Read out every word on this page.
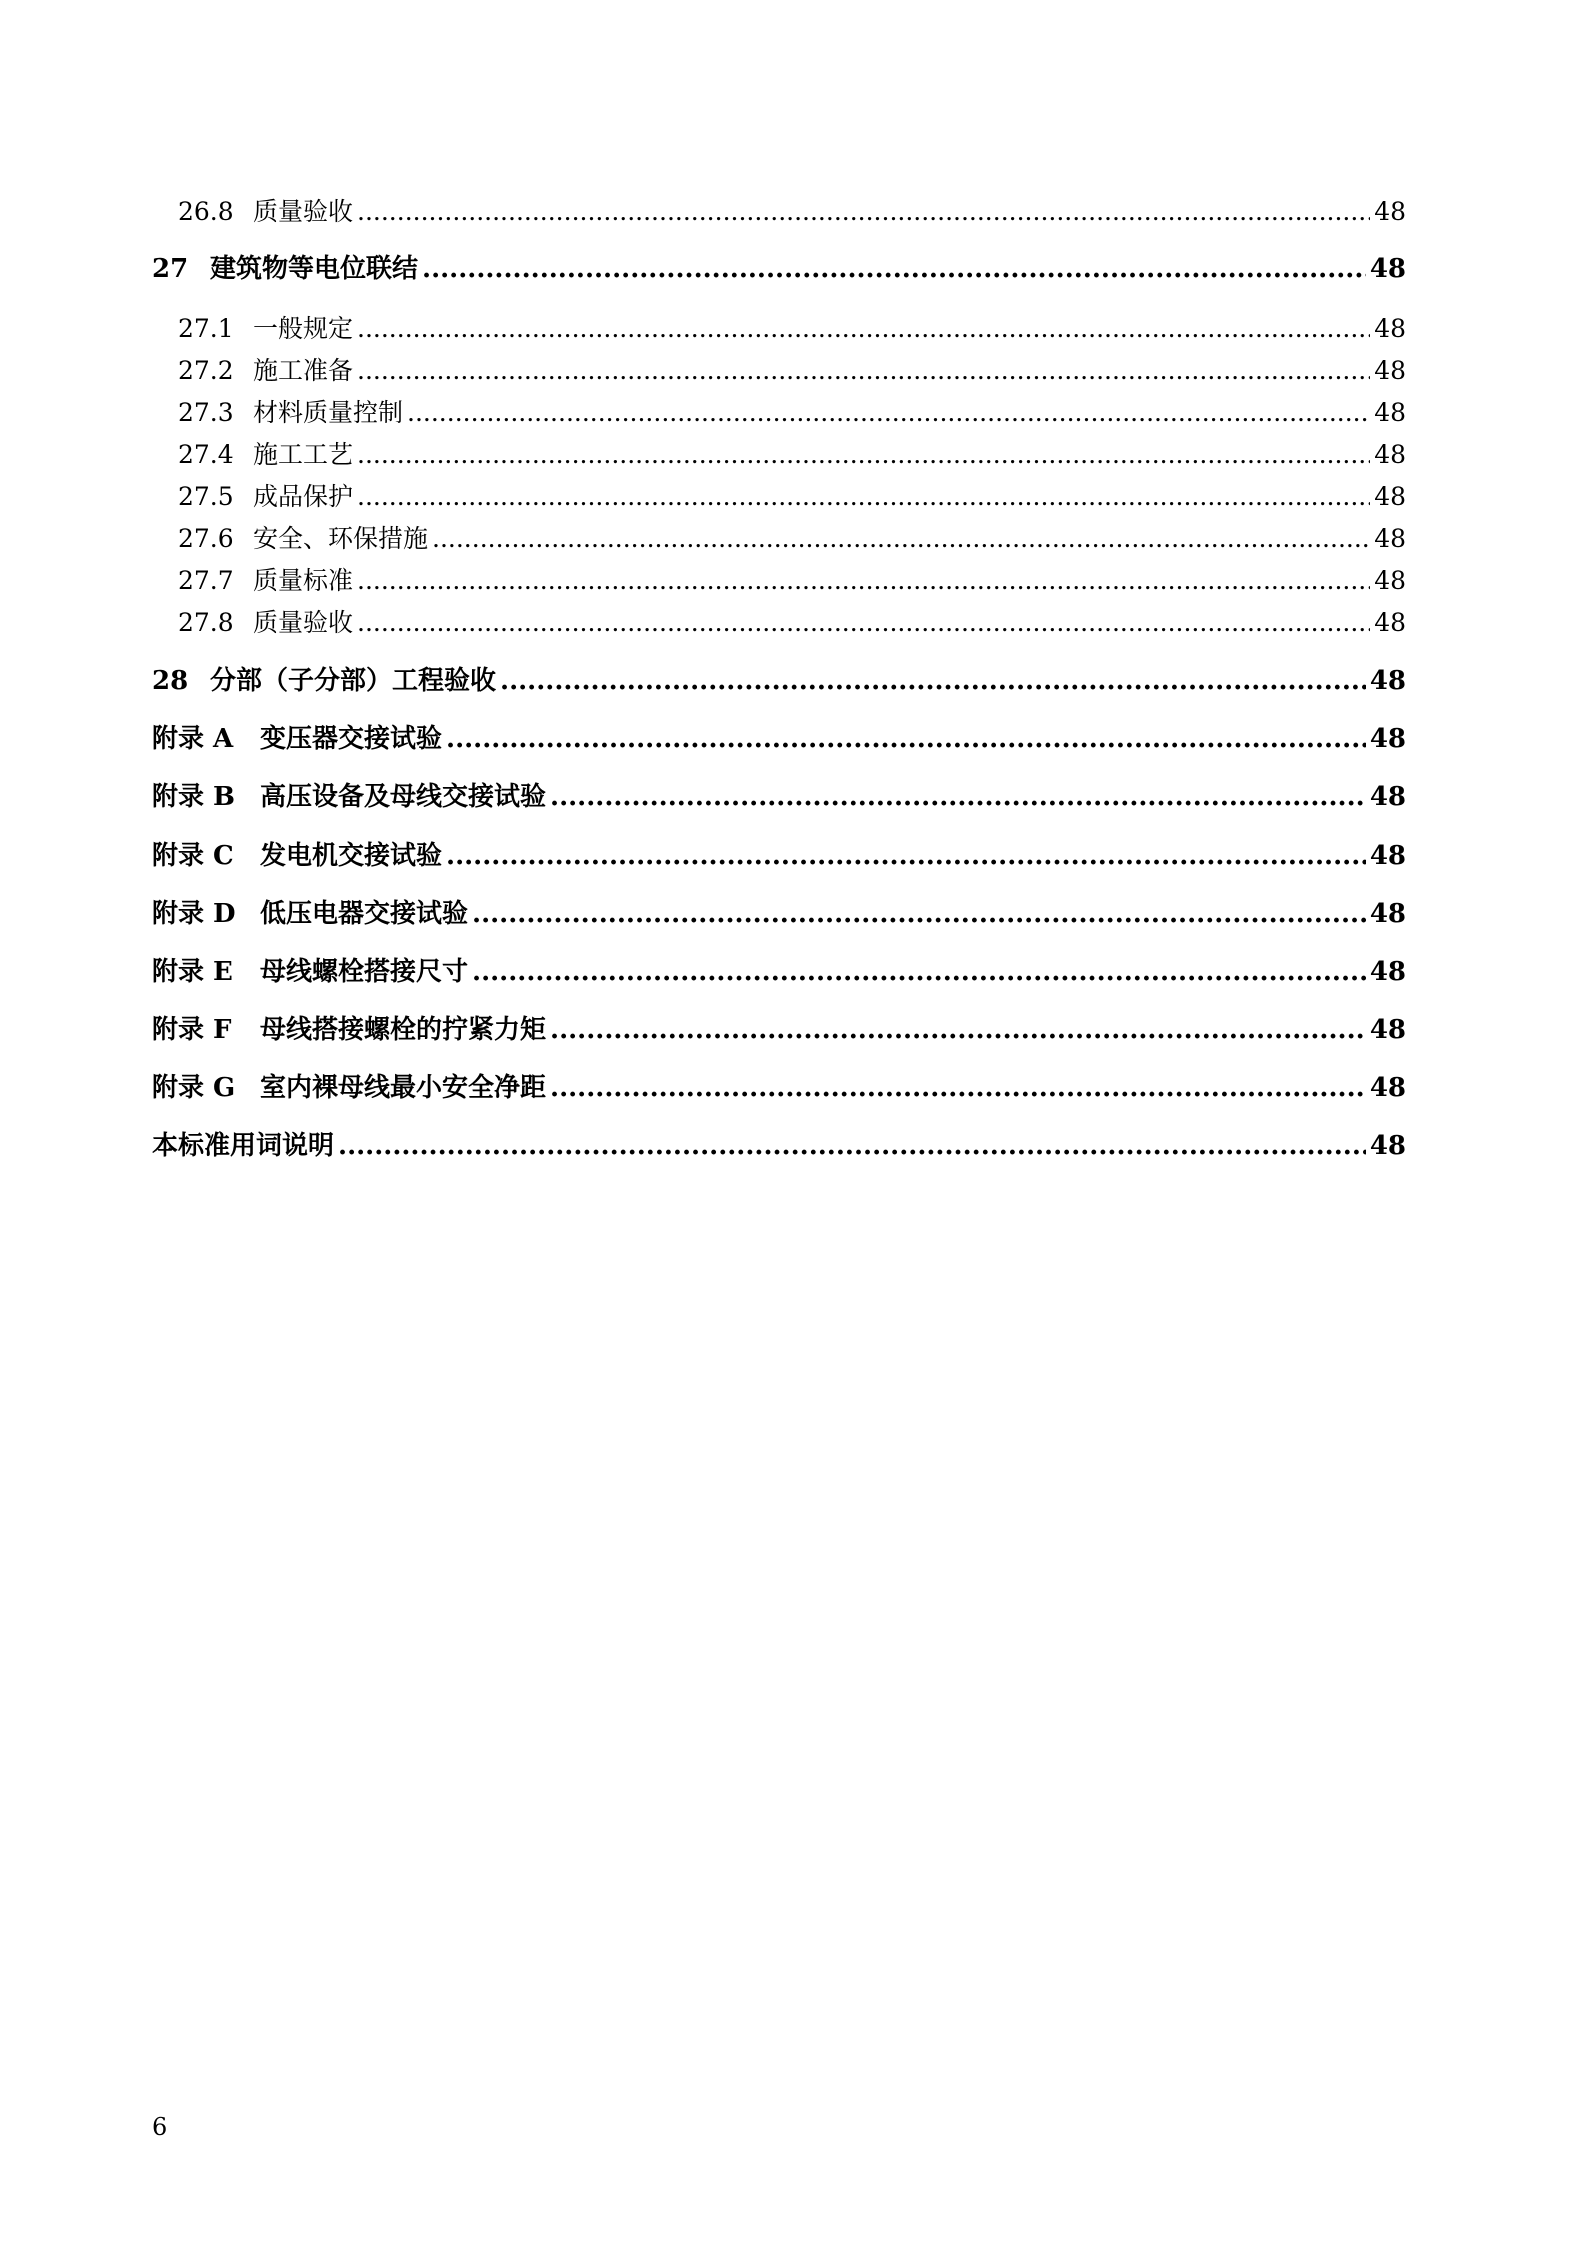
26.8 质量验收 .....	48
27 建筑物等电位联结 .....	48
27.1 一般规定 .....	48
27.2 施工准备 .....	48
27.3 材料质量控制 .....	48
27.4 施工工艺 .....	48
27.5 成品保护 .....	48
27.6 安全、环保措施 .....	48
27.7 质量标准 .....	48
27.8 质量验收 .....	48
28 分部（子分部）工程验收 .....	48
附录 A	变压器交接试验 .....	48
附录 B 高压设备及母线交接试验 .....	48
附录 C	发电机交接试验 .....	48
附录 D 低压电器交接试验 .....	48
附录 E	母线螺栓搭接尺寸 .....	48
附录 F	母线搭接螺栓的拧紧力矩 .....	48
附录 G 室内裸母线最小安全净距 .....	48
本标准用词说明 .....	48
6
